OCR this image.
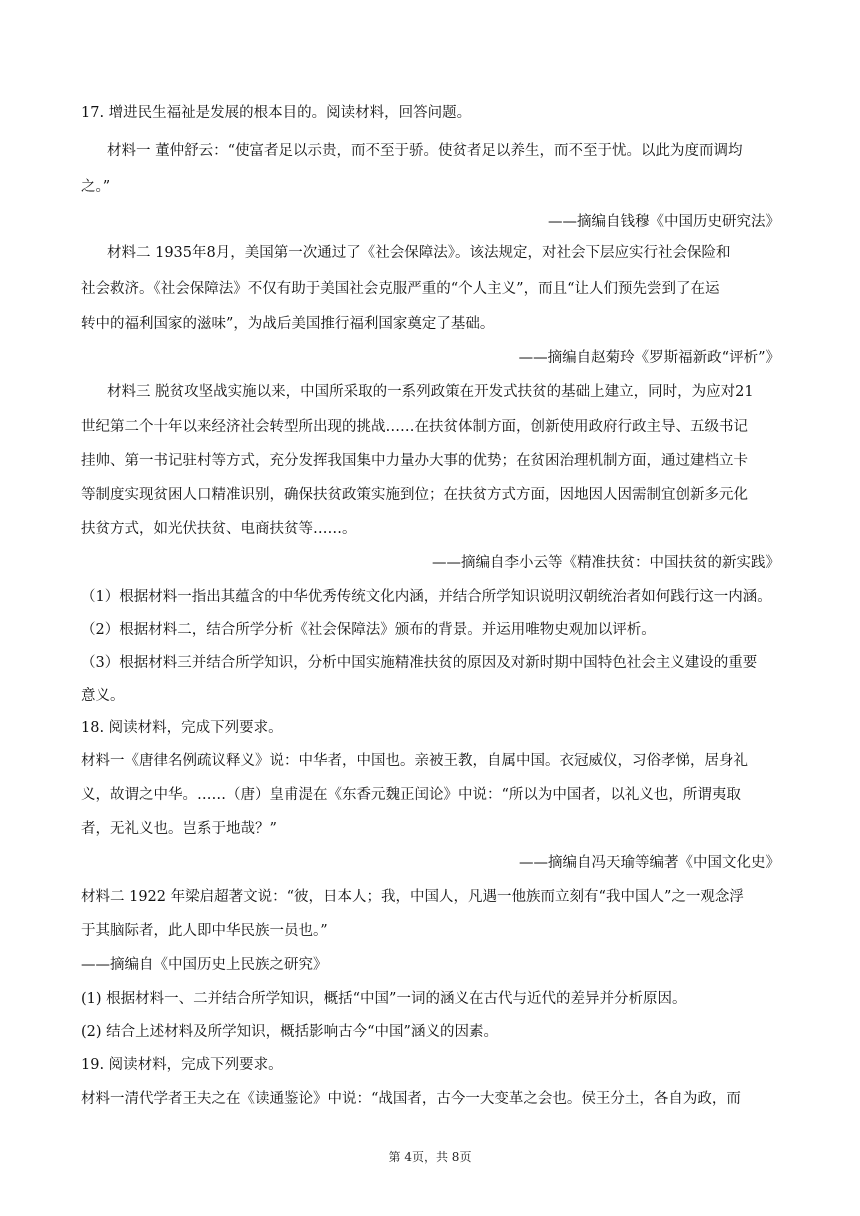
17. 增进民生福祉是发展的根本目的。阅读材料，回答问题。
材料一 董仲舒云：“使富者足以示贵，而不至于骄。使贫者足以养生，而不至于忧。以此为度而调均
之。”
——摘编自钱穆《中国历史研究法》
材料二 1935年8月，美国第一次通过了《社会保障法》。该法规定，对社会下层应实行社会保险和
社会救济。《社会保障法》不仅有助于美国社会克服严重的“个人主义”，而且“让人们预先尝到了在运
转中的福利国家的滋味”，为战后美国推行福利国家奠定了基础。
——摘编自赵菊玲《罗斯福新政“评析”》
材料三 脱贫攻坚战实施以来，中国所采取的一系列政策在开发式扶贫的基础上建立，同时，为应对21
世纪第二个十年以来经济社会转型所出现的挑战……在扶贫体制方面，创新使用政府行政主导、五级书记
挂帅、第一书记驻村等方式，充分发挥我国集中力量办大事的优势；在贫困治理机制方面，通过建档立卡
等制度实现贫困人口精准识别，确保扶贫政策实施到位；在扶贫方式方面，因地因人因需制宜创新多元化
扶贫方式，如光伏扶贫、电商扶贫等……。
——摘编自李小云等《精准扶贫：中国扶贫的新实践》
（1）根据材料一指出其蕴含的中华优秀传统文化内涵，并结合所学知识说明汉朝统治者如何践行这一内涵。
（2）根据材料二，结合所学分析《社会保障法》颁布的背景。并运用唯物史观加以评析。
（3）根据材料三并结合所学知识，分析中国实施精准扶贫的原因及对新时期中国特色社会主义建设的重要
意义。
18. 阅读材料，完成下列要求。
材料一《唐律名例疏议释义》说：中华者，中国也。亲被王教，自属中国。衣冠威仪，习俗孝悌，居身礼
义，故谓之中华。……（唐）皇甫湜在《东香元魏正闰论》中说：“所以为中国者，以礼义也，所谓夷取
者，无礼义也。岂系于地哉？”
——摘编自冯天瑜等编著《中国文化史》
材料二 1922 年梁启超著文说：“彼，日本人；我，中国人，凡遇一他族而立刻有“我中国人”之一观念浮
于其脑际者，此人即中华民族一员也。”
——摘编自《中国历史上民族之研究》
(1) 根据材料一、二并结合所学知识，概括“中国”一词的涵义在古代与近代的差异并分析原因。
(2) 结合上述材料及所学知识，概括影响古今“中国”涵义的因素。
19. 阅读材料，完成下列要求。
材料一清代学者王夫之在《读通鉴论》中说：“战国者，古今一大变革之会也。侯王分土，各自为政，而
第 4页，共 8页
